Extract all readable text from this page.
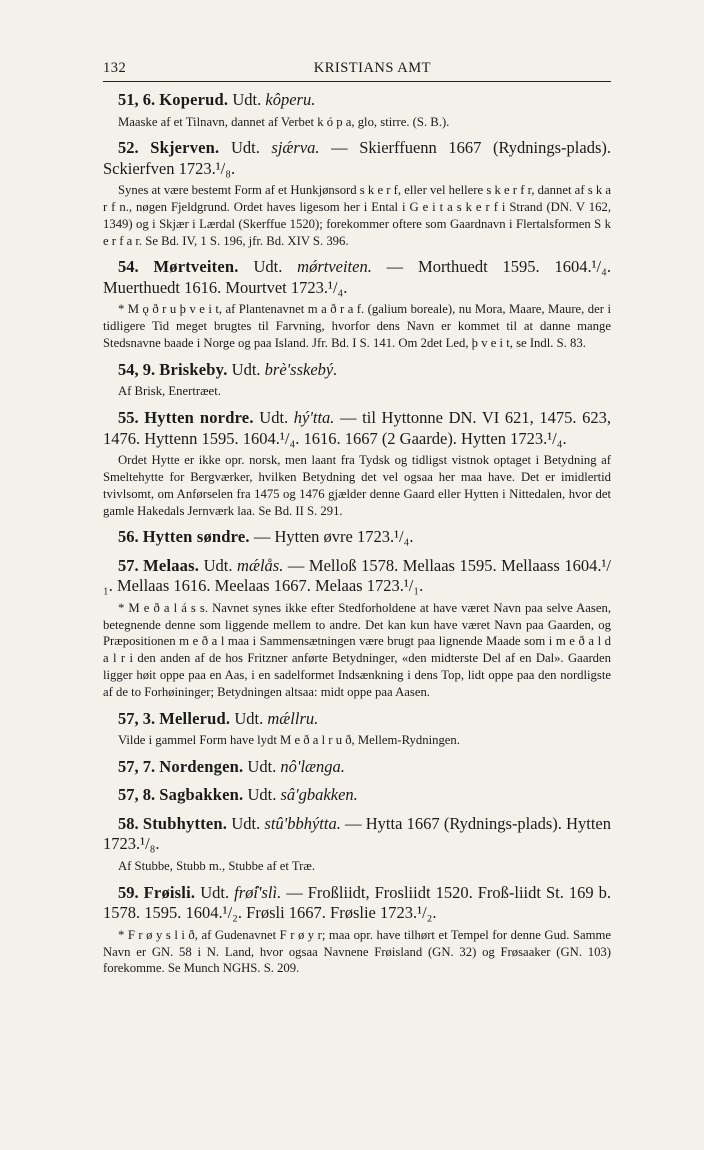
132	KRISTIANS AMT

51, 6. Koperud. Udt. kôperu.

Maaske af et Tilnavn, dannet af Verbet k ó p a, glo, stirre. (S. B.).

52. Skjerven. Udt. sjǽrva. — Skierffuenn 1667 (Rydnings-plads). Sckierfven 1723.¹/₈.

Synes at være bestemt Form af et Hunkjønsord s k e r f, eller vel hellere s k e r f r, dannet af s k a r f n., nøgen Fjeldgrund. Ordet haves ligesom her i Ental i G e i t a s k e r f i Strand (DN. V 162, 1349) og i Skjær i Lærdal (Skerffue 1520); forekommer oftere som Gaardnavn i Flertalsformen S k e r f a r. Se Bd. IV, 1 S. 196, jfr. Bd. XIV S. 396.

54. Mørtveiten. Udt. mǿrtveiten. — Morthuedt 1595. 1604.¹/₄. Muerthuedt 1616. Mourtvet 1723.¹/₄.

* M ǫ ð r u þ v e i t, af Plantenavnet m a ð r a f. (galium boreale), nu Mora, Maare, Maure, der i tidligere Tid meget brugtes til Farvning, hvorfor dens Navn er kommet til at danne mange Stedsnavne baade i Norge og paa Island. Jfr. Bd. I S. 141. Om 2det Led, þ v e i t, se Indl. S. 83.

54, 9. Briskeby. Udt. brè'sskebý.

Af Brisk, Enertræet.

55. Hytten nordre. Udt. hý'tta. — til Hyttonne DN. VI 621, 1475. 623, 1476. Hyttenn 1595. 1604.¹/₄. 1616. 1667 (2 Gaarde). Hytten 1723.¹/₄.

Ordet Hytte er ikke opr. norsk, men laant fra Tydsk og tidligst vistnok optaget i Betydning af Smeltehytte for Bergværker, hvilken Betydning det vel ogsaa her maa have. Det er imidlertid tvivlsomt, om Anførselen fra 1475 og 1476 gjælder denne Gaard eller Hytten i Nittedalen, hvor det gamle Hakedals Jernværk laa. Se Bd. II S. 291.

56. Hytten søndre. — Hytten øvre 1723.¹/₄.

57. Melaas. Udt. mǽlås. — Melloß 1578. Mellaas 1595. Mellaass 1604.¹/₁. Mellaas 1616. Meelaas 1667. Melaas 1723.¹/₁.

* M e ð a l á s s. Navnet synes ikke efter Stedforholdene at have været Navn paa selve Aasen, betegnende denne som liggende mellem to andre. Det kan kun have været Navn paa Gaarden, og Præpositionen m e ð a l maa i Sammensætningen være brugt paa lignende Maade som i m e ð a l d a l r i den anden af de hos Fritzner anførte Betydninger, «den midterste Del af en Dal». Gaarden ligger høit oppe paa en Aas, i en sadelformet Indsænkning i dens Top, lidt oppe paa den nordligste af de to Forhøininger; Betydningen altsaa: midt oppe paa Aasen.

57, 3. Mellerud. Udt. mǽllru.

Vilde i gammel Form have lydt M e ð a l r u ð, Mellem-Rydningen.

57, 7. Nordengen. Udt. nô'længa.

57, 8. Sagbakken. Udt. sâ'gbakken.

58. Stubhytten. Udt. stû'bbhýtta. — Hytta 1667 (Rydnings-plads). Hytten 1723.¹/₈.

Af Stubbe, Stubb m., Stubbe af et Træ.

59. Frøisli. Udt. frø̂i'slì. — Froßliidt, Frosliidt 1520. Froß-liidt St. 169 b. 1578. 1595. 1604.¹/₂. Frøsli 1667. Frøslie 1723.¹/₂.

* F r ø y s l i ð, af Gudenavnet F r ø y r; maa opr. have tilhørt et Tempel for denne Gud. Samme Navn er GN. 58 i N. Land, hvor ogsaa Navnene Frøisland (GN. 32) og Frøsaaker (GN. 103) forekomme. Se Munch NGHS. S. 209.
